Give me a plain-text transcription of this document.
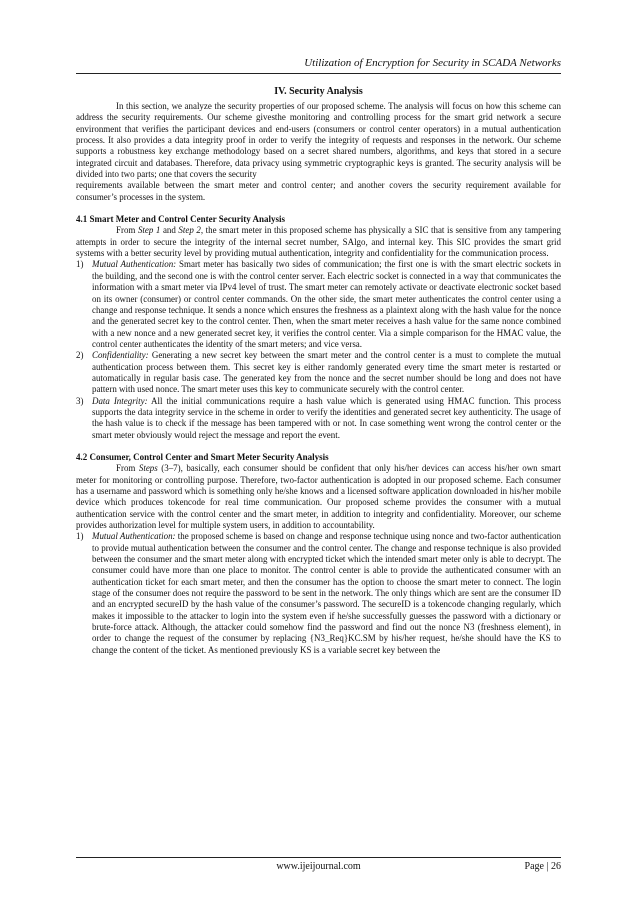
Utilization of Encryption for Security in SCADA Networks
IV. Security Analysis

In this section, we analyze the security properties of our proposed scheme. The analysis will focus on how this scheme can address the security requirements. Our scheme givesthe monitoring and controlling process for the smart grid network a secure environment that verifies the participant devices and end-users (consumers or control center operators) in a mutual authentication process. It also provides a data integrity proof in order to verify the integrity of requests and responses in the network. Our scheme supports a robustness key exchange methodology based on a secret shared numbers, algorithms, and keys that stored in a secure integrated circuit and databases. Therefore, data privacy using symmetric cryptographic keys is granted. The security analysis will be divided into two parts; one that covers the security

requirements available between the smart meter and control center; and another covers the security requirement available for consumer’s processes in the system.

4.1 Smart Meter and Control Center Security Analysis

From Step 1 and Step 2, the smart meter in this proposed scheme has physically a SIC that is sensitive from any tampering attempts in order to secure the integrity of the internal secret number, SAlgo, and internal key. This SIC provides the smart grid systems with a better security level by providing mutual authentication, integrity and confidentiality for the communication process.

1) Mutual Authentication: Smart meter has basically two sides of communication; the first one is with the smart electric sockets in the building, and the second one is with the control center server. Each electric socket is connected in a way that communicates the information with a smart meter via IPv4 level of trust. The smart meter can remotely activate or deactivate electronic socket based on its owner (consumer) or control center commands. On the other side, the smart meter authenticates the control center using a change and response technique. It sends a nonce which ensures the freshness as a plaintext along with the hash value for the nonce and the generated secret key to the control center. Then, when the smart meter receives a hash value for the same nonce combined with a new nonce and a new generated secret key, it verifies the control center. Via a simple comparison for the HMAC value, the control center authenticates the identity of the smart meters; and vice versa.
2) Confidentiality: Generating a new secret key between the smart meter and the control center is a must to complete the mutual authentication process between them. This secret key is either randomly generated every time the smart meter is restarted or automatically in regular basis case. The generated key from the nonce and the secret number should be long and does not have pattern with used nonce. The smart meter uses this key to communicate securely with the control center.
3) Data Integrity: All the initial communications require a hash value which is generated using HMAC function. This process supports the data integrity service in the scheme in order to verify the identities and generated secret key authenticity. The usage of the hash value is to check if the message has been tampered with or not. In case something went wrong the control center or the smart meter obviously would reject the message and report the event.
4.2 Consumer, Control Center and Smart Meter Security Analysis

From Steps (3–7), basically, each consumer should be confident that only his/her devices can access his/her own smart meter for monitoring or controlling purpose. Therefore, two-factor authentication is adopted in our proposed scheme. Each consumer has a username and password which is something only he/she knows and a licensed software application downloaded in his/her mobile device which produces tokencode for real time communication. Our proposed scheme provides the consumer with a mutual authentication service with the control center and the smart meter, in addition to integrity and confidentiality. Moreover, our scheme provides authorization level for multiple system users, in addition to accountability.

1) Mutual Authentication: the proposed scheme is based on change and response technique using nonce and two-factor authentication to provide mutual authentication between the consumer and the control center. The change and response technique is also provided between the consumer and the smart meter along with encrypted ticket which the intended smart meter only is able to decrypt. The consumer could have more than one place to monitor. The control center is able to provide the authenticated consumer with an authentication ticket for each smart meter, and then the consumer has the option to choose the smart meter to connect. The login stage of the consumer does not require the password to be sent in the network. The only things which are sent are the consumer ID and an encrypted secureID by the hash value of the consumer’s password. The secureID is a tokencode changing regularly, which makes it impossible to the attacker to login into the system even if he/she successfully guesses the password with a dictionary or brute-force attack. Although, the attacker could somehow find the password and find out the nonce N3 (freshness element), in order to change the request of the consumer by replacing {N3_Req}KC.SM by his/her request, he/she should have the KS to change the content of the ticket. As mentioned previously KS is a variable secret key between the
www.ijeijournal.com	Page | 26
